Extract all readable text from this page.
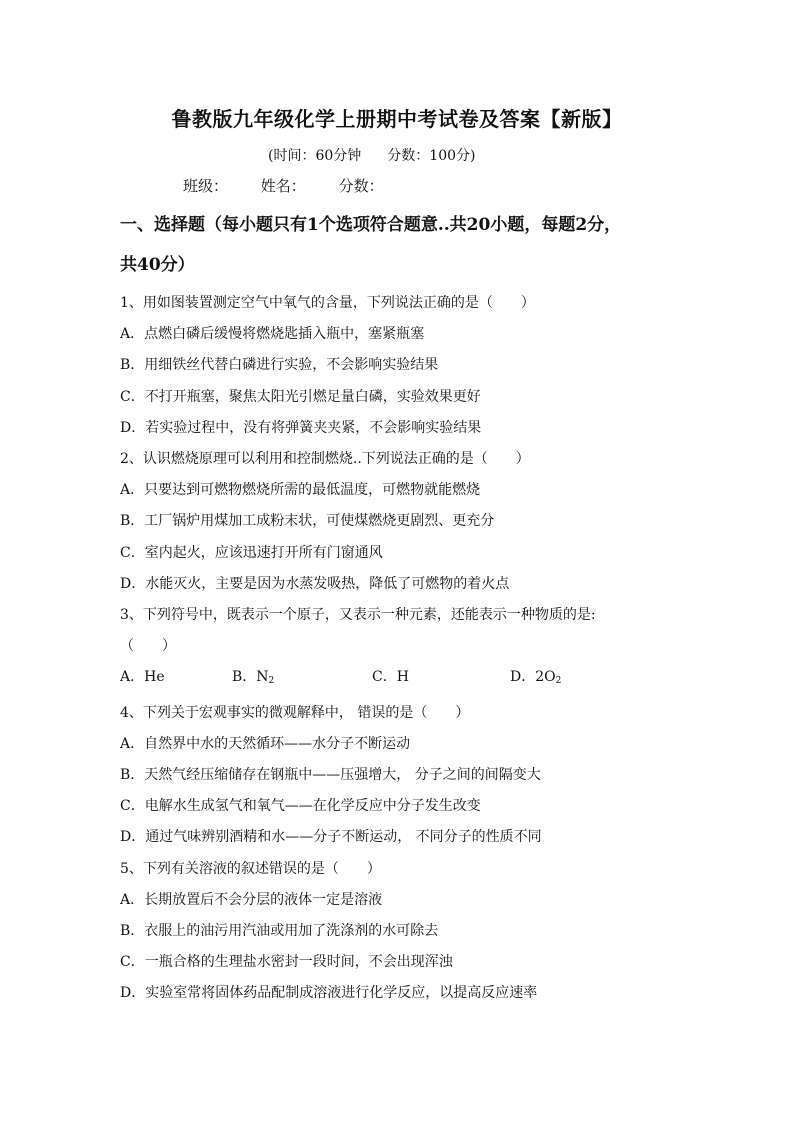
鲁教版九年级化学上册期中考试卷及答案【新版】
(时间：60分钟 分数：100分)
班级： 姓名： 分数：
一、选择题（每小题只有1个选项符合题意..共20小题，每题2分，
共40分）
1、用如图装置测定空气中氧气的含量，下列说法正确的是（　　）
A．点燃白磷后缓慢将燃烧匙插入瓶中，塞紧瓶塞
B．用细铁丝代替白磷进行实验，不会影响实验结果
C．不打开瓶塞，聚焦太阳光引燃足量白磷，实验效果更好
D．若实验过程中，没有将弹簧夹夹紧，不会影响实验结果
2、认识燃烧原理可以利用和控制燃烧..下列说法正确的是（　　）
A．只要达到可燃物燃烧所需的最低温度，可燃物就能燃烧
B．工厂锅炉用煤加工成粉末状，可使煤燃烧更剧烈、更充分
C．室内起火，应该迅速打开所有门窗通风
D．水能灭火，主要是因为水蒸发吸热，降低了可燃物的着火点
3、下列符号中，既表示一个原子，又表示一种元素，还能表示一种物质的是:
（　　）
A．He	B．$N_2$	C．H	D．$2O_2$
4、下列关于宏观事实的微观解释中， 错误的是（　　）
A．自然界中水的天然循环——水分子不断运动
B．天然气经压缩储存在钢瓶中——压强增大， 分子之间的间隔变大
C．电解水生成氢气和氧气——在化学反应中分子发生改变
D．通过气味辨别酒精和水——分子不断运动， 不同分子的性质不同
5、下列有关溶液的叙述错误的是（　　）
A．长期放置后不会分层的液体一定是溶液
B．衣服上的油污用汽油或用加了洗涤剂的水可除去
C．一瓶合格的生理盐水密封一段时间，不会出现浑浊
D．实验室常将固体药品配制成溶液进行化学反应，以提高反应速率
